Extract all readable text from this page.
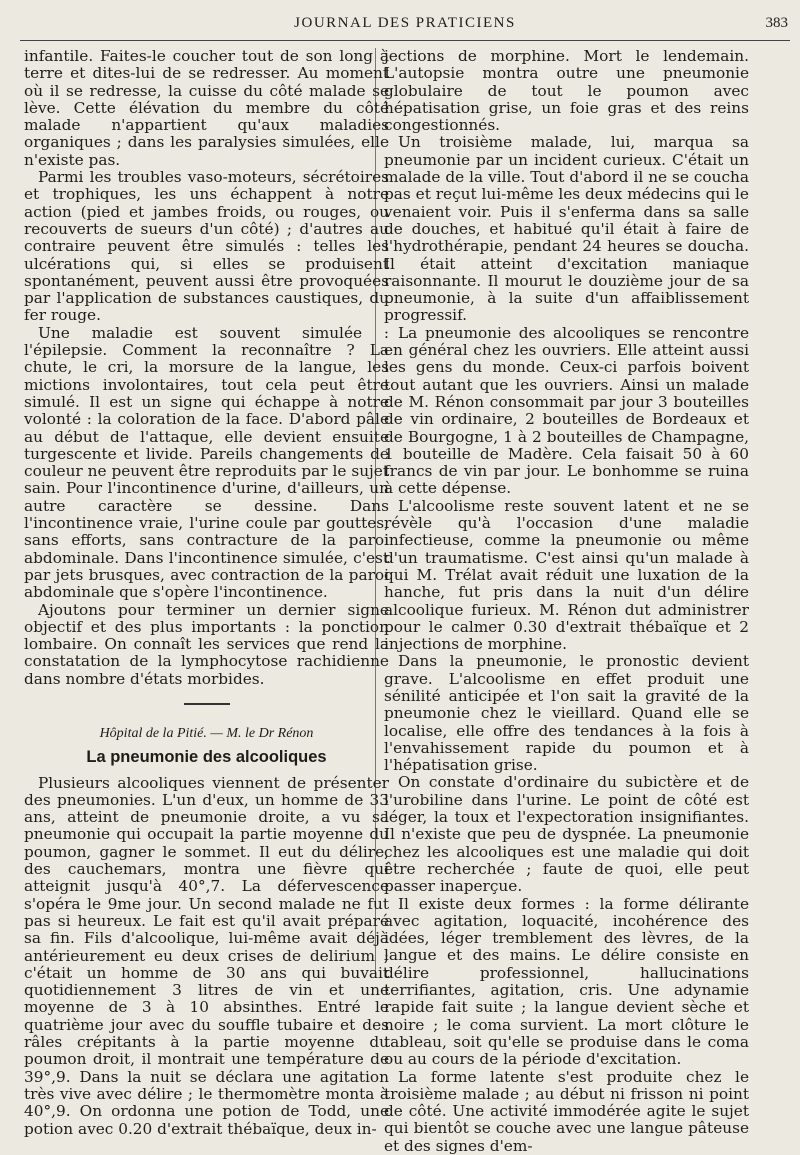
JOURNAL DES PRATICIENS	383

infantile. Faites-le coucher tout de son long à terre et dites-lui de se redresser. Au moment où il se redresse, la cuisse du côté malade se lève. Cette élévation du membre du côté malade n'appartient qu'aux maladies organiques ; dans les paralysies simulées, elle n'existe pas.

Parmi les troubles vaso-moteurs, sécrétoires et trophiques, les uns échappent à notre action (pied et jambes froids, ou rouges, ou recouverts de sueurs d'un côté) ; d'autres au contraire peuvent être simulés : telles les ulcérations qui, si elles se produisent spontanément, peuvent aussi être provoquées par l'application de substances caustiques, du fer rouge.

Une maladie est souvent simulée : l'épilepsie. Comment la reconnaître ? La chute, le cri, la morsure de la langue, les mictions involontaires, tout cela peut être simulé. Il est un signe qui échappe à notre volonté : la coloration de la face. D'abord pâle au début de l'attaque, elle devient ensuite turgescente et livide. Pareils changements de couleur ne peuvent être reproduits par le sujet sain. Pour l'incontinence d'urine, d'ailleurs, un autre caractère se dessine. Dans l'incontinence vraie, l'urine coule par gouttes, sans efforts, sans contracture de la paroi abdominale. Dans l'incontinence simulée, c'est par jets brusques, avec contraction de la paroi abdominale que s'opère l'incontinence.

Ajoutons pour terminer un dernier signe objectif et des plus importants : la ponction lombaire. On connaît les services que rend la constatation de la lymphocytose rachidienne dans nombre d'états morbides.

Hôpital de la Pitié. — M. le Dr Rénon
La pneumonie des alcooliques

Plusieurs alcooliques viennent de présenter des pneumonies. L'un d'eux, un homme de 33 ans, atteint de pneumonie droite, a vu sa pneumonie qui occupait la partie moyenne du poumon, gagner le sommet. Il eut du délire, des cauchemars, montra une fièvre qui atteignit jusqu'à 40°,7. La défervescence s'opéra le 9me jour. Un second malade ne fut pas si heureux. Le fait est qu'il avait préparé sa fin. Fils d'alcoolique, lui-même avait déjà antérieurement eu deux crises de delirium ; c'était un homme de 30 ans qui buvait quotidiennement 3 litres de vin et une moyenne de 3 à 10 absinthes. Entré le quatrième jour avec du souffle tubaire et des râles crépitants à la partie moyenne du poumon droit, il montrait une température de 39°,9. Dans la nuit se déclara une agitation très vive avec délire ; le thermomètre monta à 40°,9. On ordonna une potion de Todd, une potion avec 0.20 d'extrait thébaïque, deux in-

jections de morphine. Mort le lendemain. L'autopsie montra outre une pneumonie globulaire de tout le poumon avec hépatisation grise, un foie gras et des reins congestionnés.

Un troisième malade, lui, marqua sa pneumonie par un incident curieux. C'était un malade de la ville. Tout d'abord il ne se coucha pas et reçut lui-même les deux médecins qui le venaient voir. Puis il s'enferma dans sa salle de douches, et habitué qu'il était à faire de l'hydrothérapie, pendant 24 heures se doucha. Il était atteint d'excitation maniaque raisonnante. Il mourut le douzième jour de sa pneumonie, à la suite d'un affaiblissement progressif.

La pneumonie des alcooliques se rencontre en général chez les ouvriers. Elle atteint aussi les gens du monde. Ceux-ci parfois boivent tout autant que les ouvriers. Ainsi un malade de M. Rénon consommait par jour 3 bouteilles de vin ordinaire, 2 bouteilles de Bordeaux et de Bourgogne, 1 à 2 bouteilles de Champagne, 1 bouteille de Madère. Cela faisait 50 à 60 francs de vin par jour. Le bonhomme se ruina à cette dépense.

L'alcoolisme reste souvent latent et ne se révèle qu'à l'occasion d'une maladie infectieuse, comme la pneumonie ou même d'un traumatisme. C'est ainsi qu'un malade à qui M. Trélat avait réduit une luxation de la hanche, fut pris dans la nuit d'un délire alcoolique furieux. M. Rénon dut administrer pour le calmer 0.30 d'extrait thébaïque et 2 injections de morphine.

Dans la pneumonie, le pronostic devient grave. L'alcoolisme en effet produit une sénilité anticipée et l'on sait la gravité de la pneumonie chez le vieillard. Quand elle se localise, elle offre des tendances à la fois à l'envahissement rapide du poumon et à l'hépatisation grise.

On constate d'ordinaire du subictère et de l'urobiline dans l'urine. Le point de côté est léger, la toux et l'expectoration insignifiantes. Il n'existe que peu de dyspnée. La pneumonie chez les alcooliques est une maladie qui doit être recherchée ; faute de quoi, elle peut passer inaperçue.

Il existe deux formes : la forme délirante avec agitation, loquacité, incohérence des idées, léger tremblement des lèvres, de la langue et des mains. Le délire consiste en délire professionnel, hallucinations terrifiantes, agitation, cris. Une adynamie rapide fait suite ; la langue devient sèche et noire ; le coma survient. La mort clôture le tableau, soit qu'elle se produise dans le coma ou au cours de la période d'excitation.

La forme latente s'est produite chez le troisième malade ; au début ni frisson ni point de côté. Une activité immodérée agite le sujet qui bientôt se couche avec une langue pâteuse et des signes d'em-
